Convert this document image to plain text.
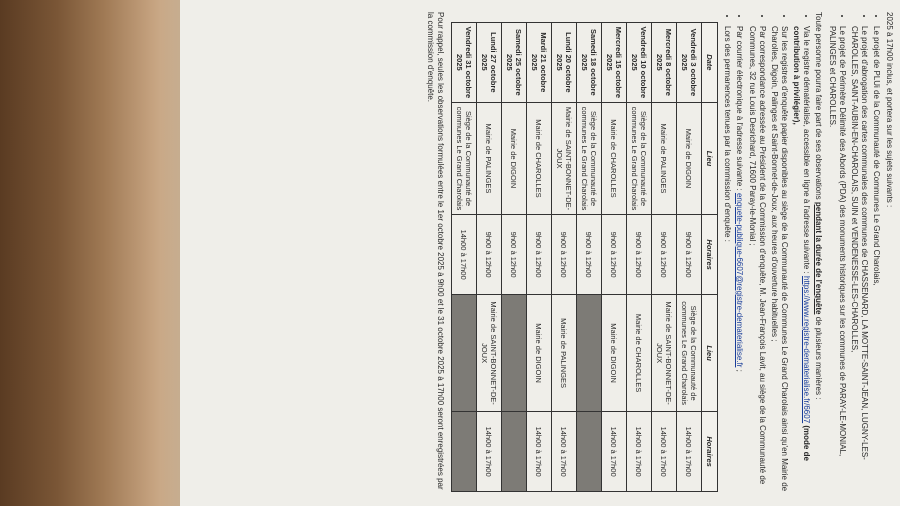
2025 à 17h00 inclus, et portera sur les sujets suivants :

• Le projet de PLUi de la Communauté de Communes Le Grand Charolais,
• Le projet d'abrogation des cartes communales des communes de CHASSENARD, LA MOTTE-SAINT-JEAN, LUGNY-LES-CHAROLLES, SAINT-AUBIN-EN-CHAROLAIS, SUIN et VENDENESSE-LES-CHAROLLES,
• Le projet de Périmètre Délimité des Abords (PDA) des monuments historiques sur les communes de PARAY-LE-MONIAL, PALINGES et CHAROLLES.

Toute personne pourra faire part de ses observations pendant la durée de l'enquête de plusieurs manières :

• Via le registre dématérialisé, accessible en ligne à l'adresse suivante : https://www.registre-dematerialise.fr/6607 (mode de contribution à privilégier),
• Sur les registres d'enquête papier disponibles au siège de la Communauté de Communes Le Grand Charolais ainsi qu'en Mairie de Charolles, Digoin, Palinges et Saint-Bonnet-de-Joux, aux heures d'ouverture habituelles ;
• Par correspondance adressée au Président de la Commission d'enquête, M. Jean-François Lavit, au siège de la Communauté de Communes, 32 rue Louis Desrichard, 71600 Paray-le-Monial ;
• Par courrier électronique à l'adresse suivante : enquete-publique-6607@registre-dematerialise.fr ;
• Lors des permanences tenues par la commission d'enquête :
Date	Lieu	Horaires	Lieu	Horaires
Vendredi 3 octobre 2025	Mairie de DIGOIN	9h00 à 12h00	Siège de la Communauté de communes Le Grand Charolais	14h00 à 17h00
Mercredi 8 octobre 2025	Mairie de PALINGES	9h00 à 12h00	Mairie de SAINT-BONNET-DE-JOUX	14h00 à 17h00
Vendredi 10 octobre 2025	Siège de la Communauté de communes Le Grand Charolais	9h00 à 12h00	Mairie de CHAROLLES	14h00 à 17h00
Mercredi 15 octobre 2025	Mairie de CHAROLLES	9h00 à 12h00	Mairie de DIGOIN	14h00 à 17h00
Samedi 18 octobre 2025	Siège de la Communauté de communes Le Grand Charolais	9h00 à 12h00		
Lundi 20 octobre 2025	Mairie de SAINT-BONNET-DE-JOUX	9h00 à 12h00	Mairie de PALINGES	14h00 à 17h00
Mardi 21 octobre 2025	Mairie de CHAROLLES	9h00 à 12h00	Mairie de DIGOIN	14h00 à 17h00
Samedi 25 octobre 2025	Mairie de DIGOIN	9h00 à 12h00		
Lundi 27 octobre 2025	Mairie de PALINGES	9h00 à 12h00	Mairie de SAINT-BONNET-DE-JOUX	14h00 à 17h00
Vendredi 31 octobre 2025	Siège de la Communauté de communes Le Grand Charolais	14h00 à 17h00		

Pour rappel, seules les observations formulées entre le 1er octobre 2025 à 9h00 et le 31 octobre 2025 à 17h00 seront enregistrées par la commission d'enquête.
